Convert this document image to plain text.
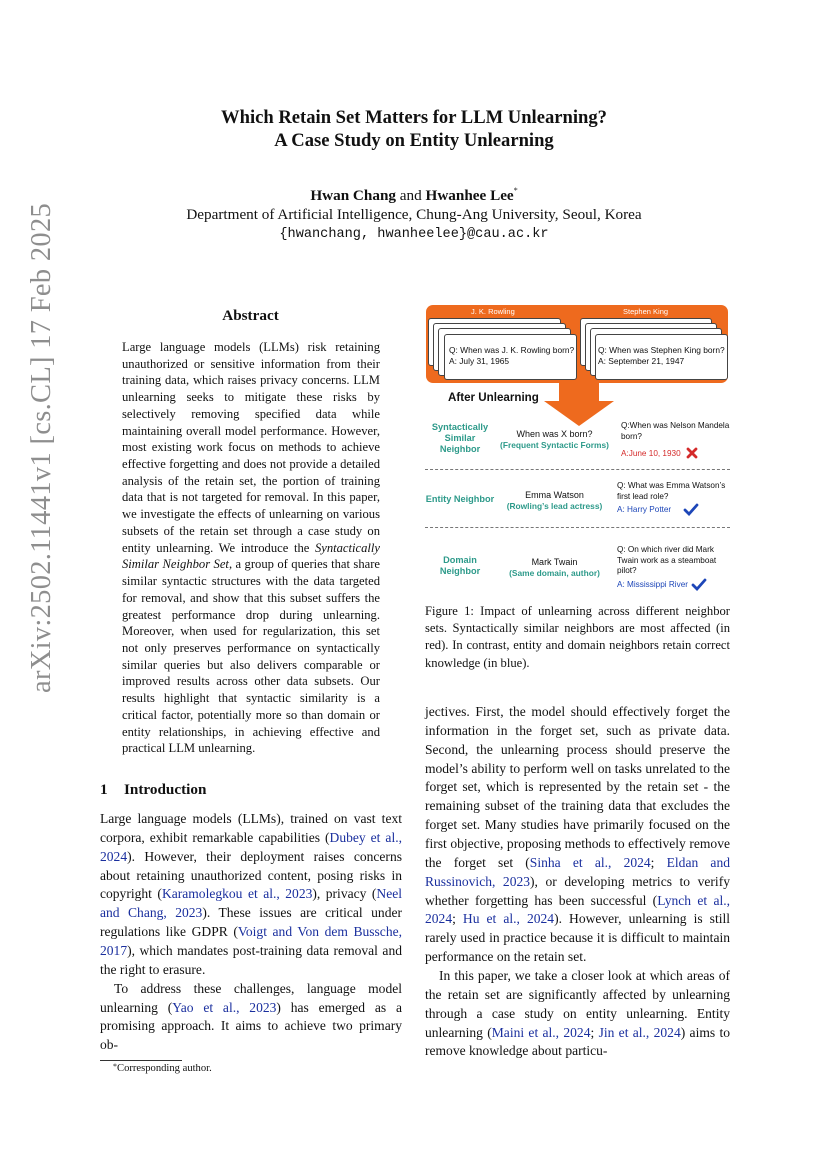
arXiv:2502.11441v1 [cs.CL] 17 Feb 2025
Which Retain Set Matters for LLM Unlearning?
A Case Study on Entity Unlearning
Hwan Chang and Hwanhee Lee*
Department of Artificial Intelligence, Chung-Ang University, Seoul, Korea
{hwanchang, hwanheelee}@cau.ac.kr
Abstract
Large language models (LLMs) risk retaining unauthorized or sensitive information from their training data, which raises privacy concerns. LLM unlearning seeks to mitigate these risks by selectively removing specified data while maintaining overall model performance. However, most existing work focus on methods to achieve effective forgetting and does not provide a detailed analysis of the retain set, the portion of training data that is not targeted for removal. In this paper, we investigate the effects of unlearning on various subsets of the retain set through a case study on entity unlearning. We introduce the Syntactically Similar Neighbor Set, a group of queries that share similar syntactic structures with the data targeted for removal, and show that this subset suffers the greatest performance drop during unlearning. Moreover, when used for regularization, this set not only preserves performance on syntactically similar queries but also delivers comparable or improved results across other data subsets. Our results highlight that syntactic similarity is a critical factor, potentially more so than domain or entity relationships, in achieving effective and practical LLM unlearning.
1 Introduction

Large language models (LLMs), trained on vast text corpora, exhibit remarkable capabilities (Dubey et al., 2024). However, their deployment raises concerns about retaining unauthorized content, posing risks in copyright (Karamolegkou et al., 2023), privacy (Neel and Chang, 2023). These issues are critical under regulations like GDPR (Voigt and Von dem Bussche, 2017), which mandates post-training data removal and the right to erasure.

To address these challenges, language model unlearning (Yao et al., 2023) has emerged as a promising approach. It aims to achieve two primary ob-

*Corresponding author.
J. K. Rowling	Stephen King
Q: When was J. K. Rowling born?
A: July 31, 1965
Q: When was Stephen King born?
A: September 21, 1947
After Unlearning
Syntactically Similar Neighbor
When was X born?
(Frequent Syntactic Forms)
Q:When was Nelson Mandela born?
A:June 10, 1930
Entity Neighbor	Emma Watson
(Rowling’s lead actress)
Q: What was Emma Watson’s first lead role?
A: Harry Potter
Domain Neighbor
Mark Twain
(Same domain, author)
Q: On which river did Mark Twain work as a steamboat pilot?
A: Mississippi River
Figure 1: Impact of unlearning across different neighbor sets. Syntactically similar neighbors are most affected (in red). In contrast, entity and domain neighbors retain correct knowledge (in blue).

jectives. First, the model should effectively forget the information in the forget set, such as private data. Second, the unlearning process should preserve the model’s ability to perform well on tasks unrelated to the forget set, which is represented by the retain set - the remaining subset of the training data that excludes the forget set. Many studies have primarily focused on the first objective, proposing methods to effectively remove the forget set (Sinha et al., 2024; Eldan and Russinovich, 2023), or developing metrics to verify whether forgetting has been successful (Lynch et al., 2024; Hu et al., 2024). However, unlearning is still rarely used in practice because it is difficult to maintain performance on the retain set.

In this paper, we take a closer look at which areas of the retain set are significantly affected by unlearning through a case study on entity unlearning. Entity unlearning (Maini et al., 2024; Jin et al., 2024) aims to remove knowledge about particu-
